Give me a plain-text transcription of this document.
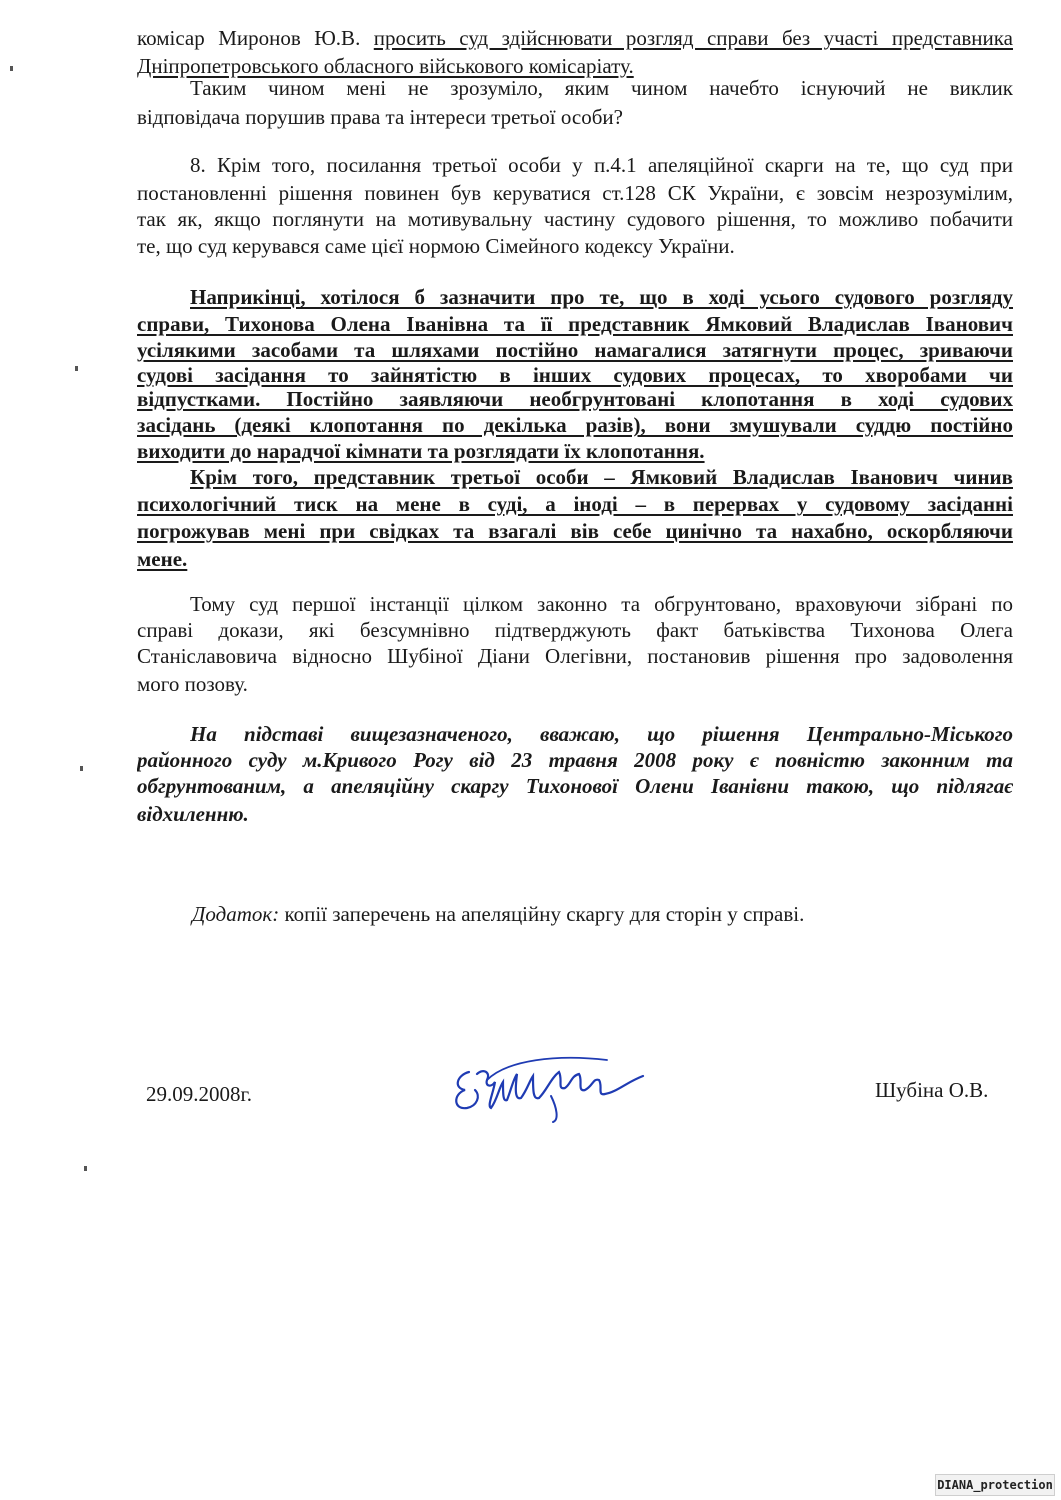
комісар Миронов Ю.В. просить суд здійснювати розгляд справи без участі представника
Дніпропетровського обласного військового комісаріату.
Таким чином мені не зрозуміло, яким чином начебто існуючий не виклик
відповідача порушив права та інтереси третьої особи?
8. Крім того, посилання третьої особи у п.4.1 апеляційної скарги на те, що суд при
постановленні рішення повинен був керуватися ст.128 СК України, є зовсім незрозумілим,
так як, якщо поглянути на мотивувальну частину судового рішення, то можливо побачити
те, що суд керувався саме цієї нормою Сімейного кодексу України.
Наприкінці, хотілося б зазначити про те, що в ході усього судового розгляду
справи, Тихонова Олена Іванівна та її представник Ямковий Владислав Іванович
усілякими засобами та шляхами постійно намагалися затягнути процес, зриваючи
судові засідання то зайнятістю в інших судових процесах, то хворобами чи
відпустками. Постійно заявляючи необгрунтовані клопотання в ході судових
засідань (деякі клопотання по декілька разів), вони змушували суддю постійно
виходити до нарадчої кімнати та розглядати їх клопотання.
Крім того, представник третьої особи – Ямковий Владислав Іванович чинив
психологічний тиск на мене в суді, а іноді – в перервах у судовому засіданні
погрожував мені при свідках та взагалі вів себе цинічно та нахабно, оскорбляючи
мене.
Тому суд першої інстанції цілком законно та обгрунтовано, враховуючи зібрані по
справі докази, які безсумнівно підтверджують факт батьківства Тихонова Олега
Станіславовича відносно Шубіної Діани Олегівни, постановив рішення про задоволення
мого позову.
На підставі вищезазначеного, вважаю, що рішення Центрально-Міського
районного суду м.Кривого Рогу від 23 травня 2008 року є повністю законним та
обгрунтованим, а апеляційну скаргу Тихонової Олени Іванівни такою, що підлягає
відхиленню.
Додаток: копії заперечень на апеляційну скаргу для сторін у справі.
29.09.2008г.	Шубіна О.В.
DIANA_protection
